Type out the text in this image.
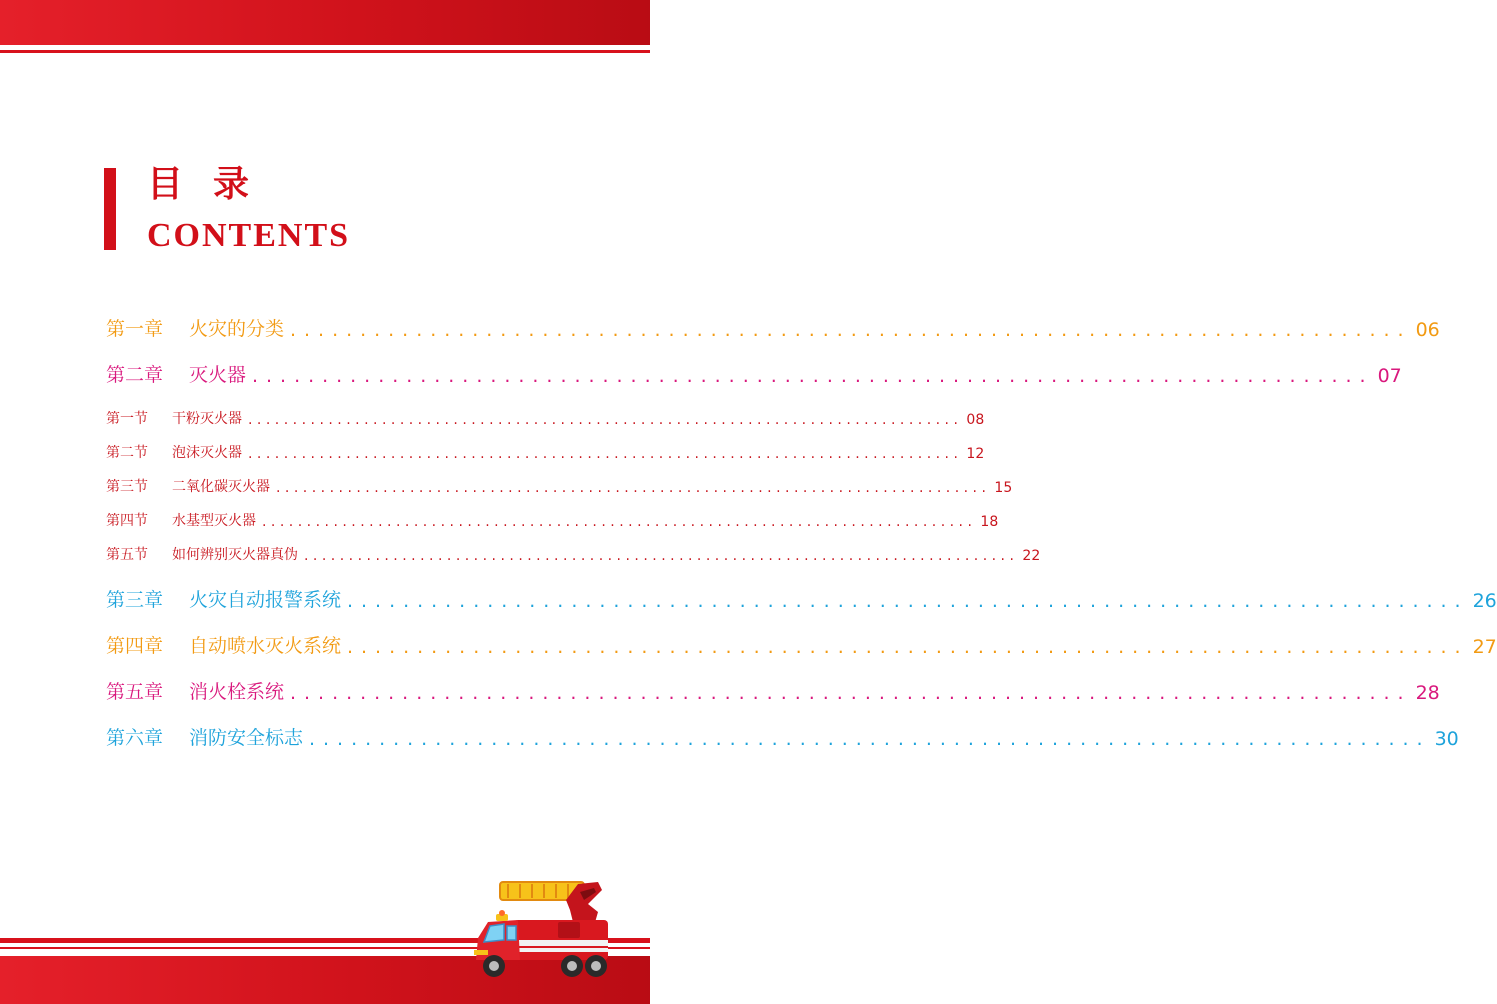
目录
CONTENTS
第一章	火灾的分类 ................................................................................ 06
第二章	灭火器 ................................................................................ 07
第一节	干粉灭火器 ................................................................................ 08
第二节	泡沫灭火器 ................................................................................ 12
第三节	二氧化碳灭火器 ................................................................................ 15
第四节	水基型灭火器 ................................................................................ 18
第五节	如何辨别灭火器真伪 ................................................................................ 22
第三章	火灾自动报警系统 ................................................................................ 26
第四章	自动喷水灭火系统 ................................................................................ 27
第五章	消火栓系统 ................................................................................ 28
第六章	消防安全标志 ................................................................................ 30
